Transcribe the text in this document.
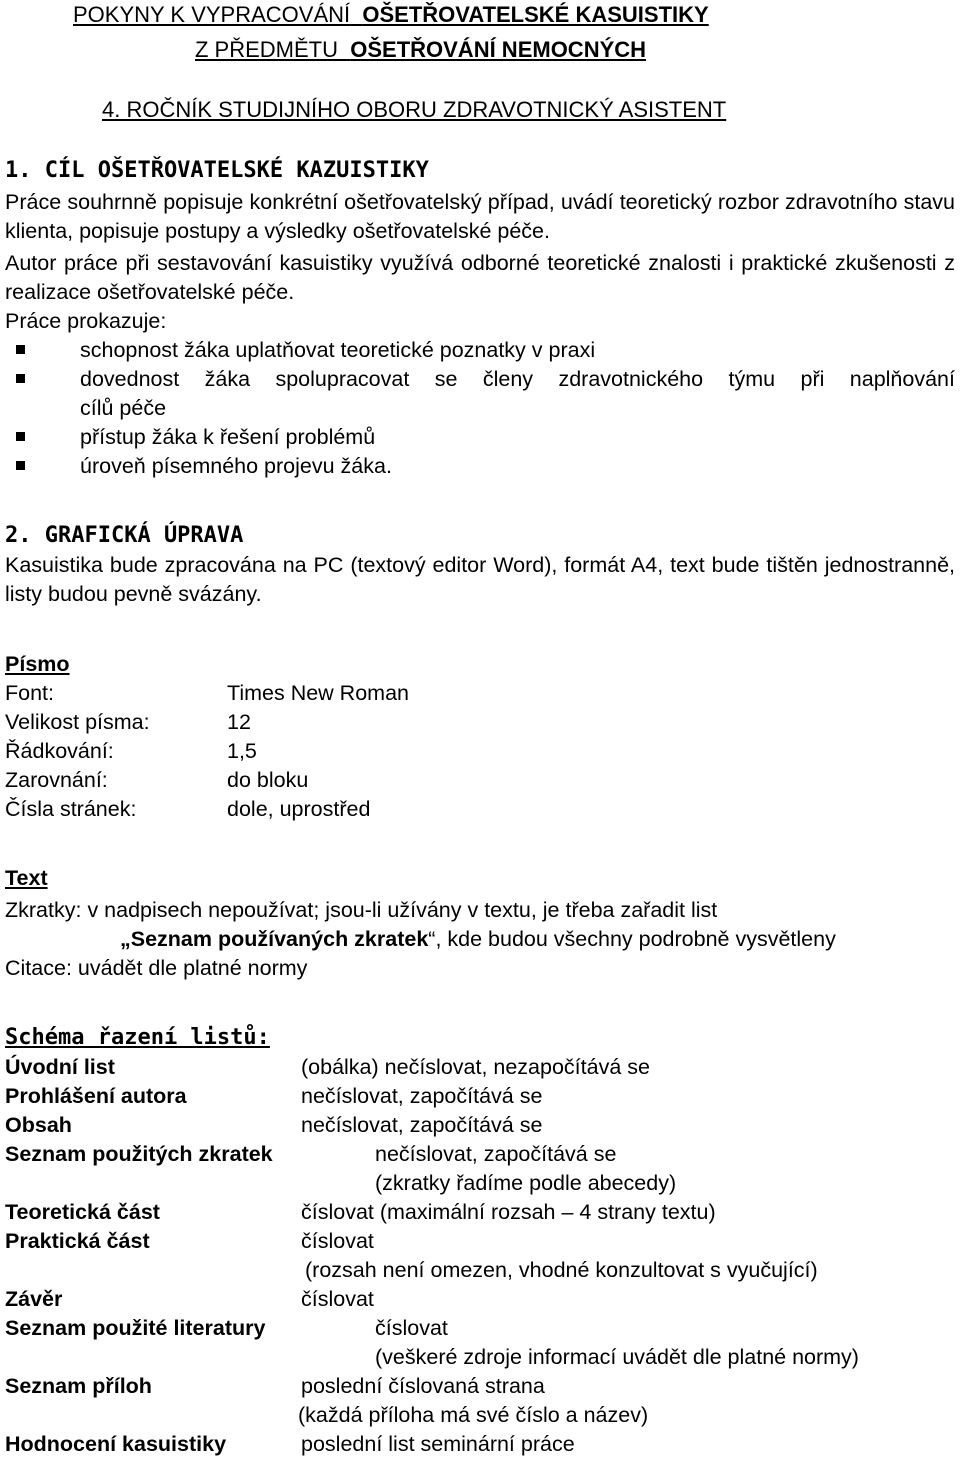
POKYNY K VYPRACOVÁNÍ OŠETŘOVATELSKÉ KASUISTIKY
Z PŘEDMĚTU OŠETŘOVÁNÍ NEMOCNÝCH
4. ROČNÍK STUDIJNÍHO OBORU ZDRAVOTNICKÝ ASISTENT
1. CÍL OŠETŘOVATELSKÉ KAZUISTIKY
Práce souhrnně popisuje konkrétní ošetřovatelský případ, uvádí teoretický rozbor zdravotního stavu klienta, popisuje postupy a výsledky ošetřovatelské péče.
Autor práce při sestavování kasuistiky využívá odborné teoretické znalosti i praktické zkušenosti z realizace ošetřovatelské péče.
Práce prokazuje:
schopnost žáka uplatňovat teoretické poznatky v praxi
dovednost žáka spolupracovat se členy zdravotnického týmu při naplňování
cílů péče
přístup žáka k řešení problémů
úroveň písemného projevu žáka.
2. GRAFICKÁ ÚPRAVA
Kasuistika bude zpracována na PC (textový editor Word), formát A4, text bude tištěn jednostranně, listy budou pevně svázány.
Písmo
Font:	Times New Roman
Velikost písma:	12
Řádkování:	1,5
Zarovnání:	do bloku
Čísla stránek:	dole, uprostřed
Text
Zkratky: v nadpisech nepoužívat; jsou-li užívány v textu, je třeba zařadit list
„Seznam používaných zkratek“, kde budou všechny podrobně vysvětleny
Citace: uvádět dle platné normy
Schéma řazení listů:
Úvodní list	(obálka) nečíslovat, nezapočítává se
Prohlášení autora	nečíslovat, započítává se
Obsah	nečíslovat, započítává se
Seznam použitých zkratek	nečíslovat, započítává se
(zkratky řadíme podle abecedy)
Teoretická část	číslovat (maximální rozsah – 4 strany textu)
Praktická část	číslovat
(rozsah není omezen, vhodné konzultovat s vyučující)
Závěr	číslovat
Seznam použité literatury	číslovat
(veškeré zdroje informací uvádět dle platné normy)
Seznam příloh	poslední číslovaná strana
(každá příloha má své číslo a název)
Hodnocení kasuistiky	poslední list seminární práce
